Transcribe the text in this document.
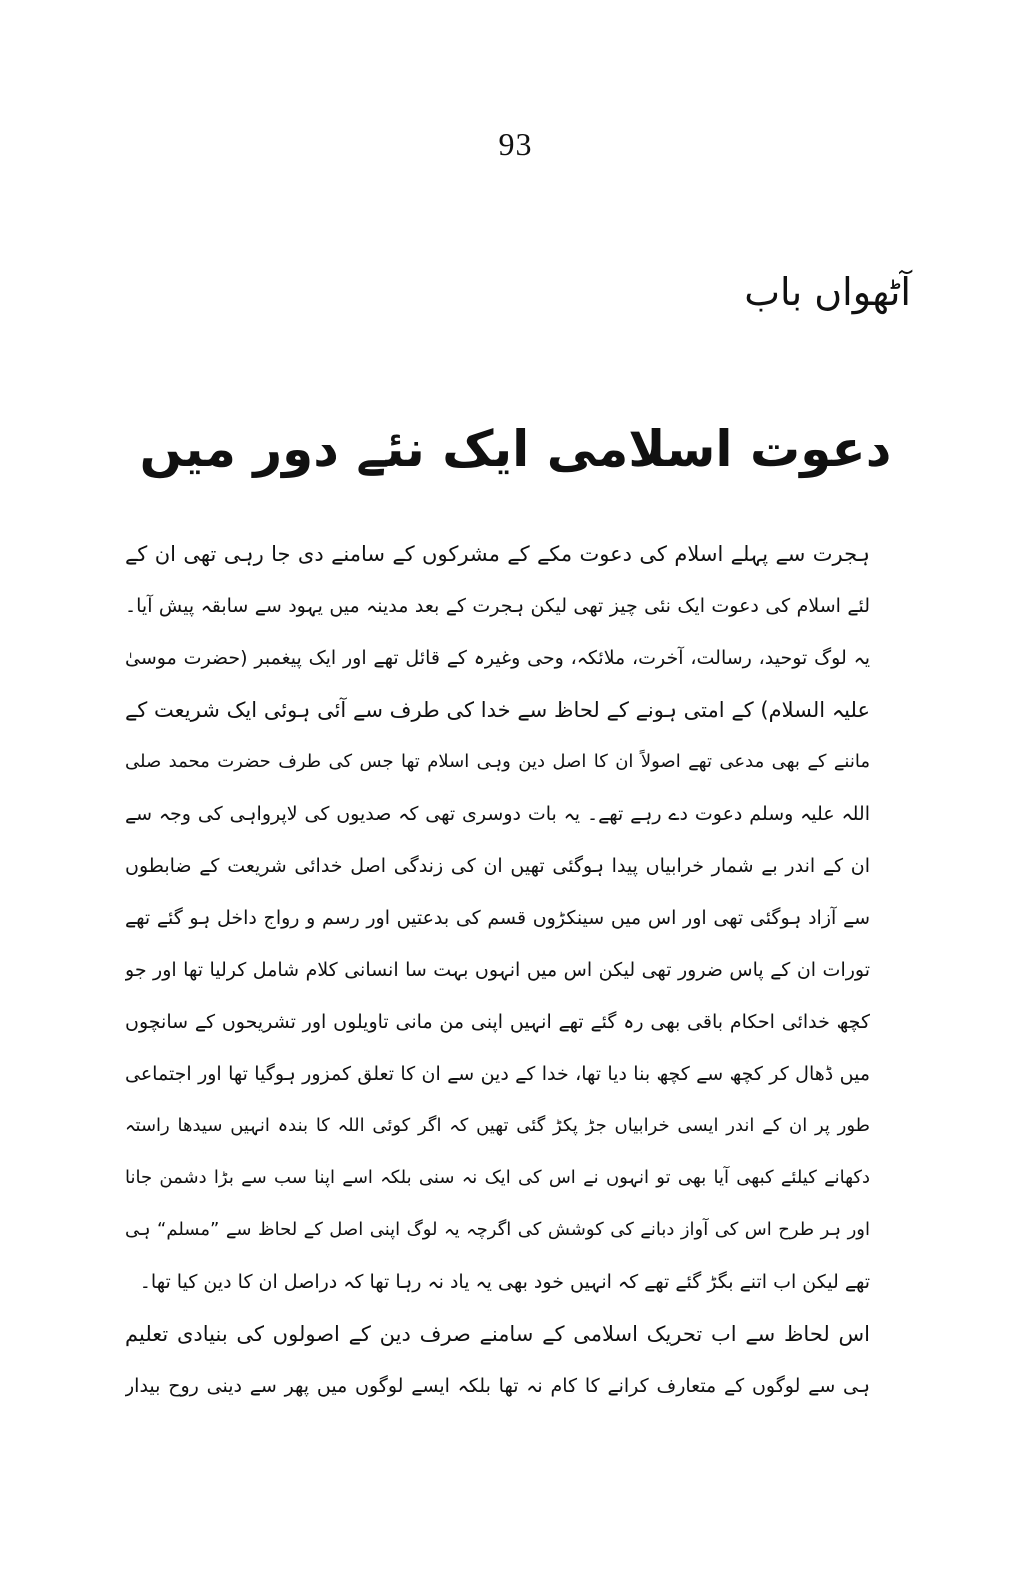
93
آٹھواں باب
دعوت اسلامی ایک نئے دور میں
ہجرت سے پہلے اسلام کی دعوت مکے کے مشرکوں کے سامنے دی جا رہی تھی ان کے
لئے اسلام کی دعوت ایک نئی چیز تھی لیکن ہجرت کے بعد مدینہ میں یہود سے سابقہ پیش آیا۔
یہ لوگ توحید، رسالت، آخرت، ملائکہ، وحی وغیرہ کے قائل تھے اور ایک پیغمبر (حضرت موسیٰ
علیہ السلام) کے امتی ہونے کے لحاظ سے خدا کی طرف سے آئی ہوئی ایک شریعت کے
ماننے کے بھی مدعی تھے اصولاً ان کا اصل دین وہی اسلام تھا جس کی طرف حضرت محمد صلی
اللہ علیہ وسلم دعوت دے رہے تھے۔ یہ بات دوسری تھی کہ صدیوں کی لاپرواہی کی وجہ سے
ان کے اندر بے شمار خرابیاں پیدا ہوگئی تھیں ان کی زندگی اصل خدائی شریعت کے ضابطوں
سے آزاد ہوگئی تھی اور اس میں سینکڑوں قسم کی بدعتیں اور رسم و رواج داخل ہو گئے تھے
تورات ان کے پاس ضرور تھی لیکن اس میں انہوں بہت سا انسانی کلام شامل کرلیا تھا اور جو
کچھ خدائی احکام باقی بھی رہ گئے تھے انہیں اپنی من مانی تاویلوں اور تشریحوں کے سانچوں
میں ڈھال کر کچھ سے کچھ بنا دیا تھا، خدا کے دین سے ان کا تعلق کمزور ہوگیا تھا اور اجتماعی
طور پر ان کے اندر ایسی خرابیاں جڑ پکڑ گئی تھیں کہ اگر کوئی اللہ کا بندہ انہیں سیدھا راستہ
دکھانے کیلئے کبھی آیا بھی تو انہوں نے اس کی ایک نہ سنی بلکہ اسے اپنا سب سے بڑا دشمن جانا
اور ہر طرح اس کی آواز دبانے کی کوشش کی اگرچہ یہ لوگ اپنی اصل کے لحاظ سے ”مسلم“ ہی
تھے لیکن اب اتنے بگڑ گئے تھے کہ انہیں خود بھی یہ یاد نہ رہا تھا کہ دراصل ان کا دین کیا تھا۔
اس لحاظ سے اب تحریک اسلامی کے سامنے صرف دین کے اصولوں کی بنیادی تعلیم
ہی سے لوگوں کے متعارف کرانے کا کام نہ تھا بلکہ ایسے لوگوں میں پھر سے دینی روح بیدار
